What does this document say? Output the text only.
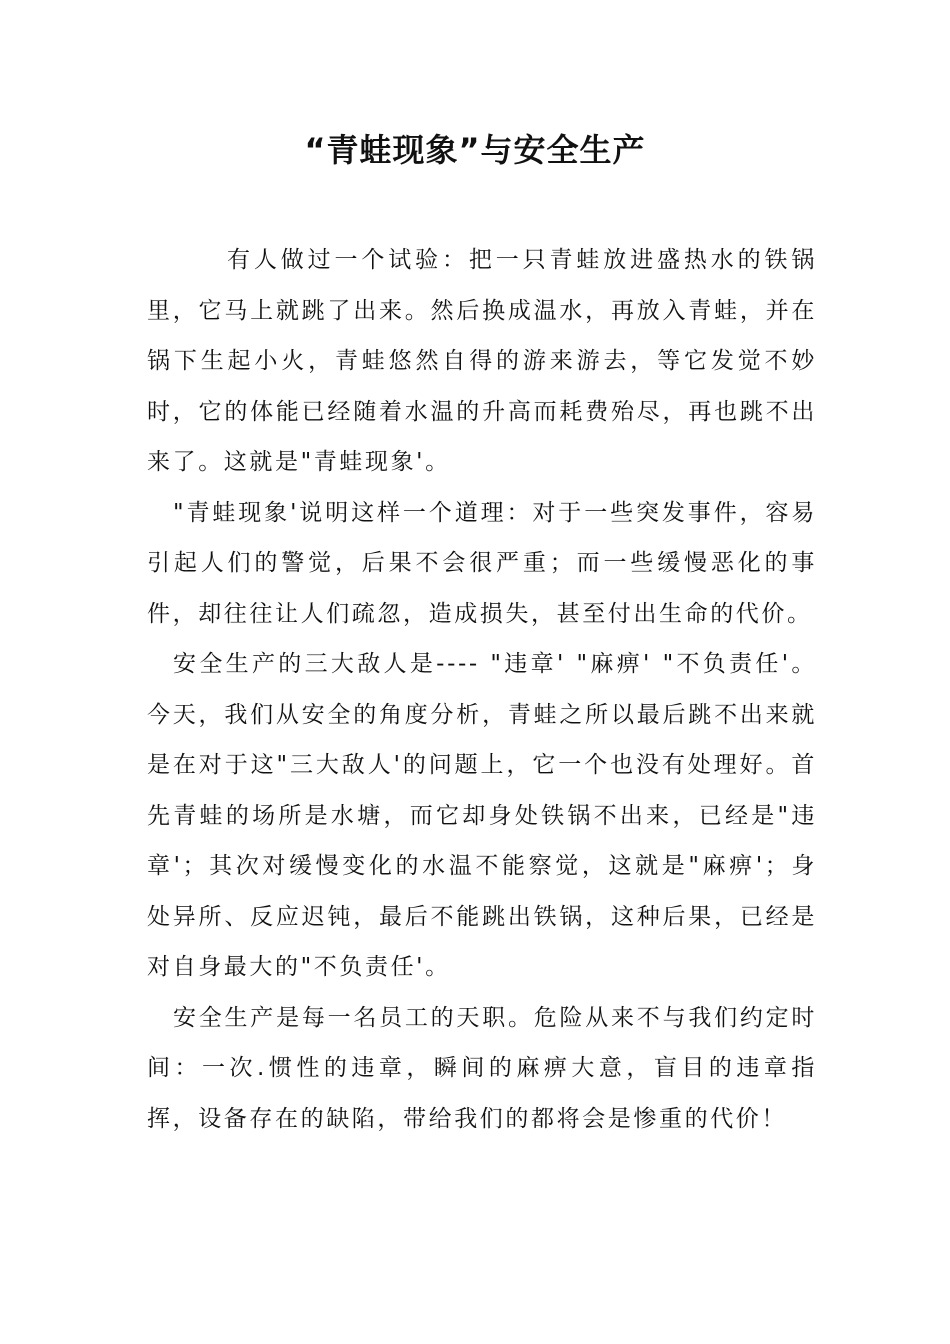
“青蛙现象”与安全生产

有人做过一个试验：把一只青蛙放进盛热水的铁锅里，它马上就跳了出来。然后换成温水，再放入青蛙，并在锅下生起小火，青蛙悠然自得的游来游去，等它发觉不妙时，它的体能已经随着水温的升高而耗费殆尽，再也跳不出来了。这就是"青蛙现象'。

"青蛙现象'说明这样一个道理：对于一些突发事件，容易引起人们的警觉，后果不会很严重；而一些缓慢恶化的事件，却往往让人们疏忽，造成损失，甚至付出生命的代价。

安全生产的三大敌人是---- "违章' "麻痹' "不负责任'。今天，我们从安全的角度分析，青蛙之所以最后跳不出来就是在对于这"三大敌人'的问题上，它一个也没有处理好。首先青蛙的场所是水塘，而它却身处铁锅不出来，已经是"违章'；其次对缓慢变化的水温不能察觉，这就是"麻痹'；身处异所、反应迟钝，最后不能跳出铁锅，这种后果，已经是对自身最大的"不负责任'。

安全生产是每一名员工的天职。危险从来不与我们约定时间：一次.惯性的违章，瞬间的麻痹大意，盲目的违章指挥，设备存在的缺陷，带给我们的都将会是惨重的代价！
